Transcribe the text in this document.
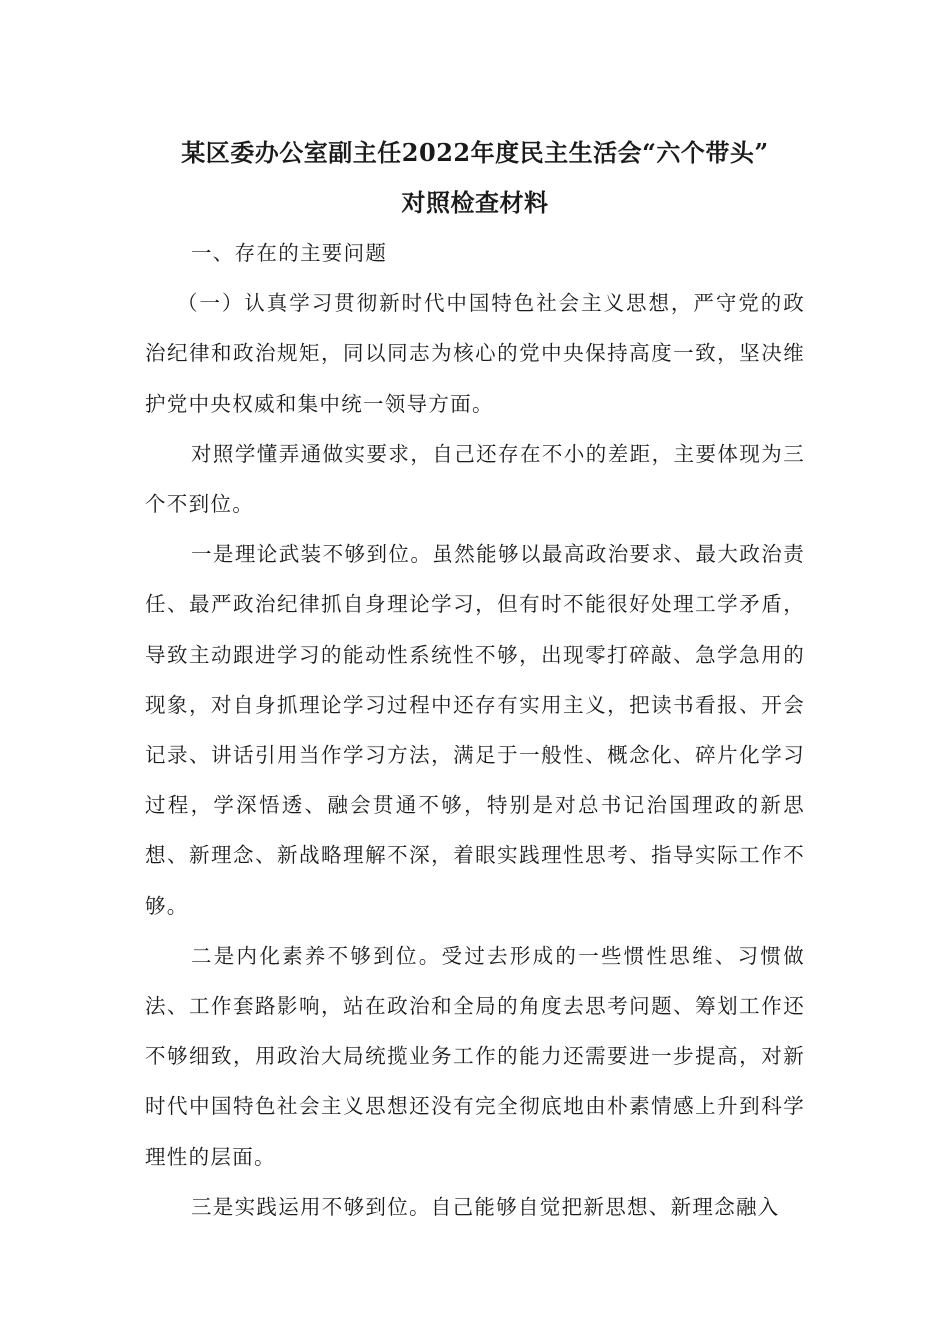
某区委办公室副主任2022年度民主生活会“六个带头”
对照检查材料

一、存在的主要问题

（一）认真学习贯彻新时代中国特色社会主义思想，严守党的政治纪律和政治规矩，同以同志为核心的党中央保持高度一致，坚决维护党中央权威和集中统一领导方面。

对照学懂弄通做实要求，自己还存在不小的差距，主要体现为三个不到位。

一是理论武装不够到位。虽然能够以最高政治要求、最大政治责任、最严政治纪律抓自身理论学习，但有时不能很好处理工学矛盾，导致主动跟进学习的能动性系统性不够，出现零打碎敲、急学急用的现象，对自身抓理论学习过程中还存有实用主义，把读书看报、开会记录、讲话引用当作学习方法，满足于一般性、概念化、碎片化学习过程，学深悟透、融会贯通不够，特别是对总书记治国理政的新思想、新理念、新战略理解不深，着眼实践理性思考、指导实际工作不够。

二是内化素养不够到位。受过去形成的一些惯性思维、习惯做法、工作套路影响，站在政治和全局的角度去思考问题、筹划工作还不够细致，用政治大局统揽业务工作的能力还需要进一步提高，对新时代中国特色社会主义思想还没有完全彻底地由朴素情感上升到科学理性的层面。

三是实践运用不够到位。自己能够自觉把新思想、新理念融入
